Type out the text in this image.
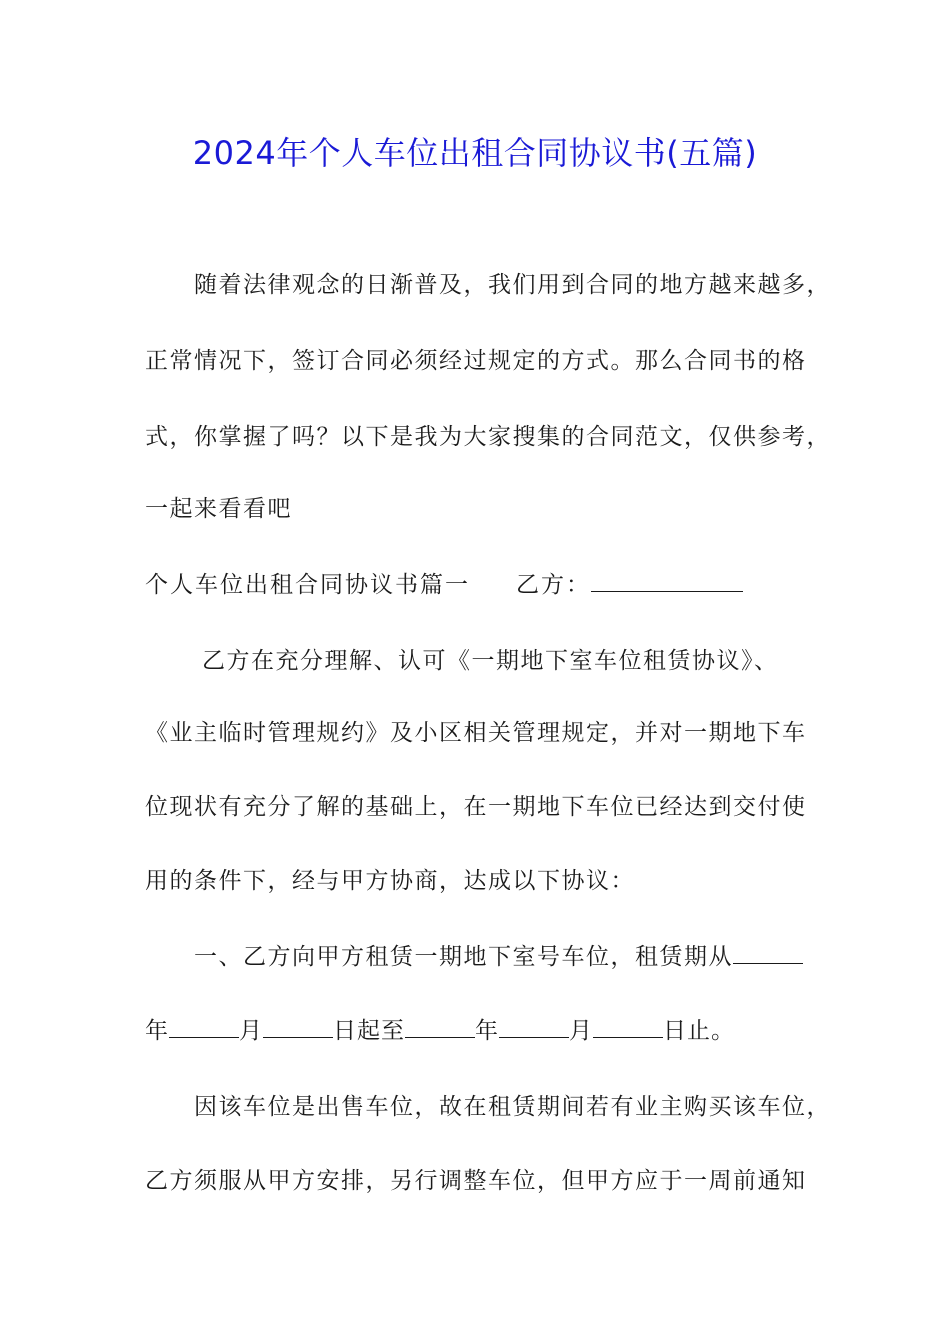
2024年个人车位出租合同协议书(五篇)
随着法律观念的日渐普及，我们用到合同的地方越来越多，
正常情况下，签订合同必须经过规定的方式。那么合同书的格
式，你掌握了吗？以下是我为大家搜集的合同范文，仅供参考，
一起来看看吧
个人车位出租合同协议书篇一 乙方：
乙方在充分理解、认可《一期地下室车位租赁协议》、
《业主临时管理规约》及小区相关管理规定，并对一期地下车
位现状有充分了解的基础上，在一期地下车位已经达到交付使
用的条件下，经与甲方协商，达成以下协议：
一、乙方向甲方租赁一期地下室号车位，租赁期从
年	月	日起至	年	月	日止。
因该车位是出售车位，故在租赁期间若有业主购买该车位，
乙方须服从甲方安排，另行调整车位，但甲方应于一周前通知
